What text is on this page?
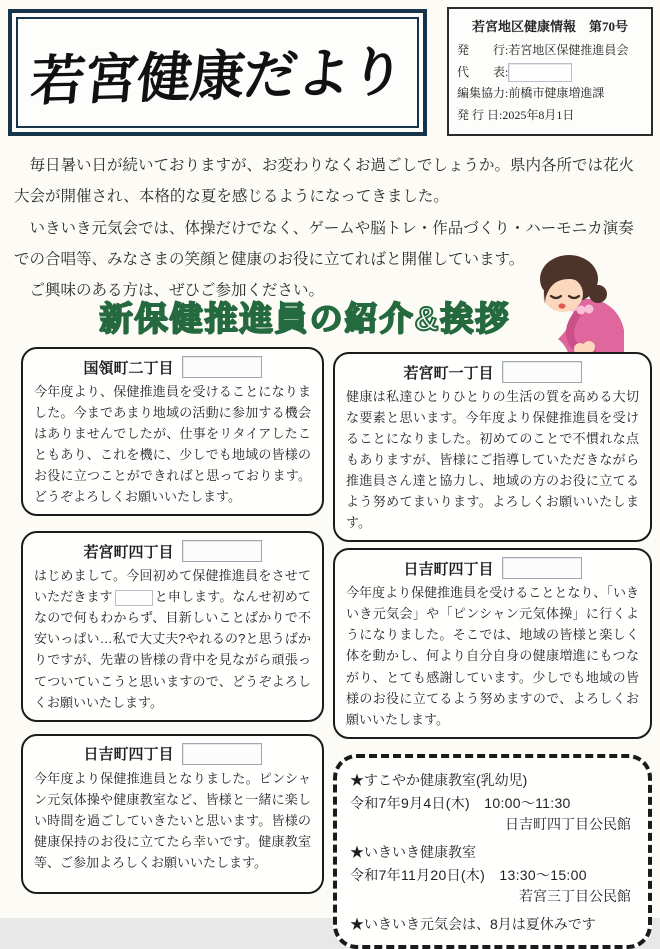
若宮健康だより
若宮地区健康情報　第70号
発　　行: 若宮地区保健推進員会
代　　表:
編集協力: 前橋市健康増進課
発 行 日: 2025年8月1日

毎日暑い日が続いておりますが、お変わりなくお過ごしでしょうか。県内各所では花火大会が開催され、本格的な夏を感じるようになってきました。

いきいき元気会では、体操だけでなく、ゲームや脳トレ・作品づくり・ハーモニカ演奏での合唱等、みなさまの笑顔と健康のお役に立てればと開催しています。

ご興味のある方は、ぜひご参加ください。

新保健推進員の紹介&挨拶
国領町二丁目
今年度より、保健推進員を受けることになりました。今まであまり地域の活動に参加する機会はありませんでしたが、仕事をリタイアしたこともあり、これを機に、少しでも地域の皆様のお役に立つことができればと思っております。どうぞよろしくお願いいたします。
若宮町四丁目
はじめまして。今回初めて保健推進員をさせていただきます	と申します。なんせ初めてなので何もわからず、目新しいことばかりで不安いっぱい…私で大丈夫?やれるの?と思うばかりですが、先輩の皆様の背中を見ながら頑張ってついていこうと思いますので、どうぞよろしくお願いいたします。
日吉町四丁目
今年度より保健推進員となりました。ピンシャン元気体操や健康教室など、皆様と一緒に楽しい時間を過ごしていきたいと思います。皆様の健康保持のお役に立てたら幸いです。健康教室等、ご参加よろしくお願いいたします。
若宮町一丁目
健康は私達ひとりひとりの生活の質を高める大切な要素と思います。今年度より保健推進員を受けることになりました。初めてのことで不慣れな点もありますが、皆様にご指導していただきながら推進員さん達と協力し、地域の方のお役に立てるよう努めてまいります。よろしくお願いいたします。
日吉町四丁目
今年度より保健推進員を受けることとなり、「いきいき元気会」や「ピンシャン元気体操」に行くようになりました。そこでは、地域の皆様と楽しく体を動かし、何より自分自身の健康増進にもつながり、とても感謝しています。少しでも地域の皆様のお役に立てるよう努めますので、よろしくお願いいたします。
★すこやか健康教室(乳幼児)
令和7年9月4日(木)　10:00〜11:30
日吉町四丁目公民館
★いきいき健康教室
令和7年11月20日(木)　13:30〜15:00
若宮三丁目公民館
★いきいき元気会は、8月は夏休みです
